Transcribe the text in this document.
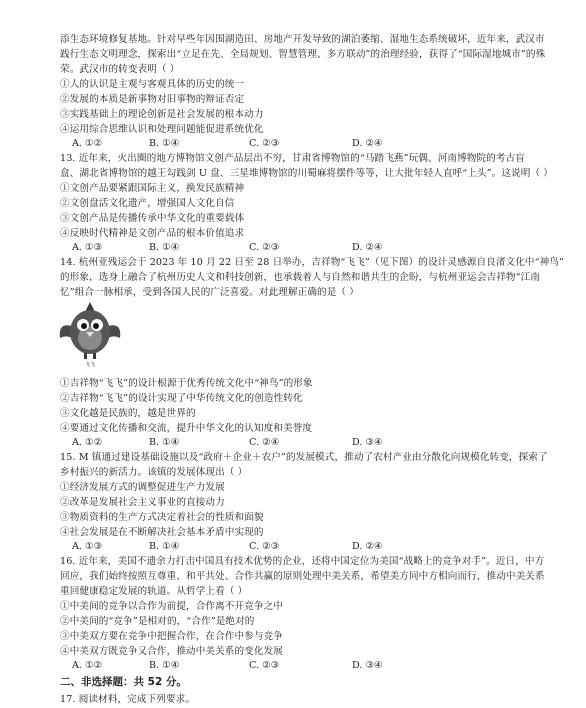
添生态环境修复基地。针对早些年因围湖造田、房地产开发导致的湖泊萎缩、湿地生态系统破坏，近年来，武汉市
践行生态文明理念，探索出“立足在先、全局规划、智慧管理、多方联动”的治理经验，获得了“国际湿地城市”的殊
荣。武汉市的转变表明（ ）
①人的认识是主观与客观具体的历史的统一
②发展的本质是新事物对旧事物的辩证否定
③实践基础上的理论创新是社会发展的根本动力
④运用综合思维认识和处理问题能促进系统优化
A. ①②	B. ①④	C. ②③	D. ②④
13. 近年来，火出圈的地方博物馆文创产品层出不穷，甘肃省博物馆的“马踏飞燕”玩偶、河南博物院的考古盲
盒、湖北省博物馆的越王勾践剑 U 盘、三星堆博物馆的川蜀麻将摆件等等，让大批年轻人直呼“上头”。这说明（ ）
①文创产品要紧跟国际主义，换发民族精神
②文创盘活文化遗产，增强国人文化自信
③文创产品是传播传承中华文化的重要载体
④反映时代精神是文创产品的根本价值追求
A. ①③	B. ①④	C. ②③	D. ②④
14. 杭州亚残运会于 2023 年 10 月 22 日至 28 日举办，吉祥物“飞飞”（见下图）的设计灵感源自良渚文化中“神鸟”
的形象，选身上融合了杭州历史人文和科技创新，也承载着人与自然和谐共生的企盼，与杭州亚运会吉祥物“江南
忆”组合一脉相承，受到各国人民的广泛喜爱。对此理解正确的是（ ）
飞飞
①吉祥物“飞飞”的设计根源于优秀传统文化中“神鸟”的形象
②吉祥物“飞飞”的设计实现了中华传统文化的创造性转化
③文化越是民族的，越是世界的
④要通过文化传播和交流，提升中华文化的认知度和美誉度
A. ①②	B. ①④	C. ②④	D. ③④
15. M 镇通过建设基础设施以及“政府＋企业＋农户”的发展模式，推动了农村产业由分散化向规模化转变，探索了
乡村振兴的新活力。该镇的发展体现出（ ）
①经济发展方式的调整促进生产力发展
②改革是发展社会主义事业的直接动力
③物质资料的生产方式决定着社会的性质和面貌
④社会发展是在不断解决社会基本矛盾中实现的
A. ①③	B. ①④	C. ②③	D. ②④
16. 近年来，美国不遗余力打击中国具有技术优势的企业，还将中国定位为美国“战略上的竞争对手”。近日，中方
回应，我们始终按照互尊重、和平共处、合作共赢的原则处理中美关系，希望美方同中方相向而行，推动中美关系
重回健康稳定发展的轨道。从哲学上看（ ）
①中美间的竞争以合作为前提，合作离不开竞争之中
②中美间的“竞争”是相对的，“合作”是绝对的
③中美双方要在竞争中把握合作，在合作中参与竞争
④中美双方既竞争又合作，推动中美关系的变化发展
A. ①②	B. ①④	C. ②③	D. ③④
二、非选择题：共 52 分。
17. 阅读材料，完成下列要求。
